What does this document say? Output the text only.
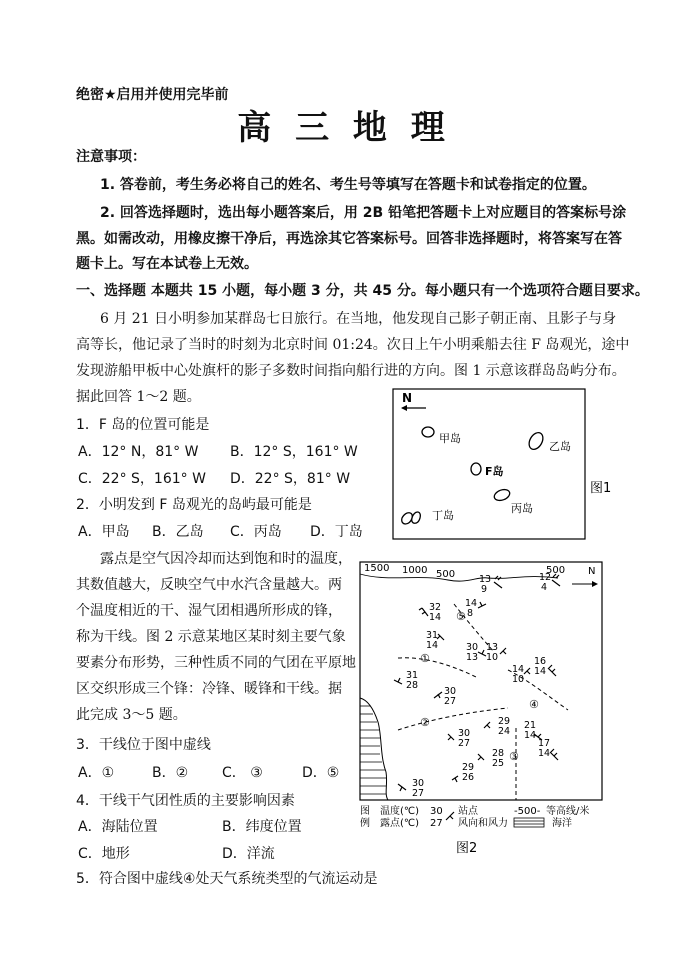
绝密★启用并使用完毕前
高 三 地 理
注意事项：
1. 答卷前，考生务必将自己的姓名、考生号等填写在答题卡和试卷指定的位置。
2. 回答选择题时，选出每小题答案后，用 2B 铅笔把答题卡上对应题目的答案标号涂
黑。如需改动，用橡皮擦干净后，再选涂其它答案标号。回答非选择题时，将答案写在答
题卡上。写在本试卷上无效。
一、选择题 本题共 15 小题，每小题 3 分，共 45 分。每小题只有一个选项符合题目要求。
6 月 21 日小明参加某群岛七日旅行。在当地，他发现自己影子朝正南、且影子与身
高等长，他记录了当时的时刻为北京时间 01:24。次日上午小明乘船去往 F 岛观光，途中
发现游船甲板中心处旗杆的影子多数时间指向船行进的方向。图 1 示意该群岛岛屿分布。
据此回答 1～2 题。
1．F 岛的位置可能是
A．12° N，81° W B．12° S，161° W
C．22° S，161° W D．22° S，81° W
2．小明发到 F 岛观光的岛屿最可能是
A．甲岛 B．乙岛 C．丙岛 D．丁岛
N
甲岛
乙岛
F岛
丙岛
丁岛
图1
露点是空气因冷却而达到饱和时的温度，
其数值越大，反映空气中水汽含量越大。两
个温度相近的干、湿气团相遇所形成的锋，
称为干线。图 2 示意某地区某时刻主要气象
要素分布形势，三种性质不同的气团在平原地
区交织形成三个锋：冷锋、暖锋和干线。据
此完成 3～5 题。
3．干线位于图中虚线
A．①	B．② C． ③	D．⑤
4．干线干气团性质的主要影响因素
A．海陆位置	B．纬度位置
C．地形	D．洋流
5．符合图中虚线④处天气系统类型的气流运动是
1500 1000 500	500 N
①
②
③
④
⑤
13
9
12
4
14
8
32
14
31
14	30
13
13
10	16
14
14
10
31
28
30
27
30
27
29
24
21
14
17
14
28
25
29
26
30
27
图
例
温度(℃)
露点(℃)
30
27
站点
风向和风力
-500- 等高线/米
海洋
图2
